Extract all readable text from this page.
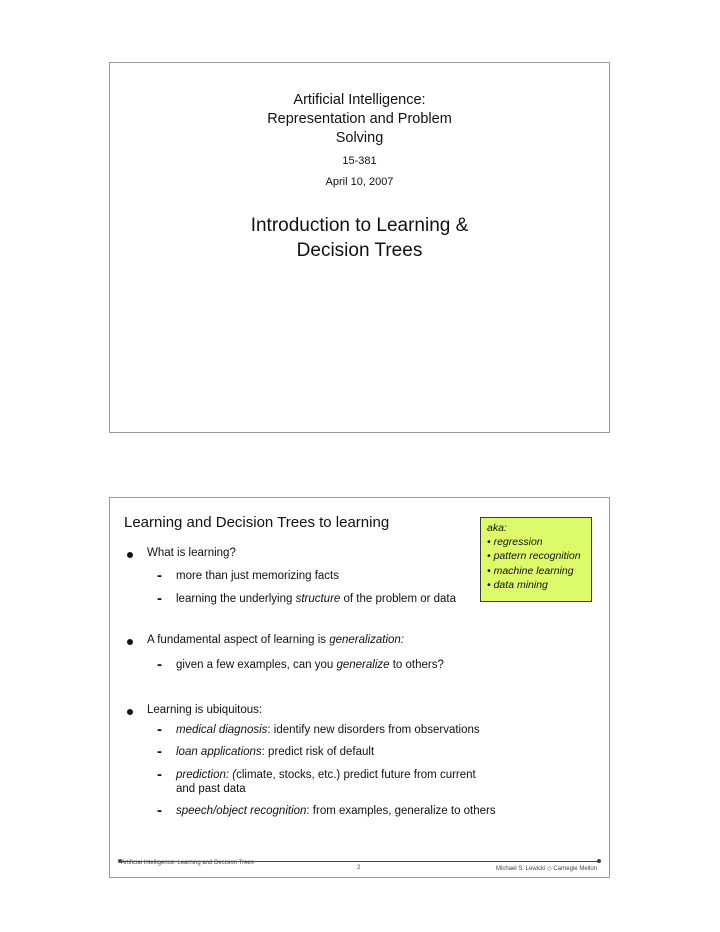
Artificial Intelligence:
Representation and Problem
Solving
15-381
April 10, 2007
Introduction to Learning &
Decision Trees
Learning and Decision Trees to learning	aka:
• regression
• pattern recognition
• machine learning
• data mining
What is learning?
- more than just memorizing facts
- learning the underlying structure of the problem or data
A fundamental aspect of learning is generalization:
- given a few examples, can you generalize to others?
Learning is ubiquitous:
- medical diagnosis: identify new disorders from observations
- loan applications: predict risk of default
- prediction: (climate, stocks, etc.) predict future from current
and past data
- speech/object recognition: from examples, generalize to others
Artificial Intelligence: Learning and Decision Trees
2	Michael S. Lewicki ◇ Carnegie Mellon
